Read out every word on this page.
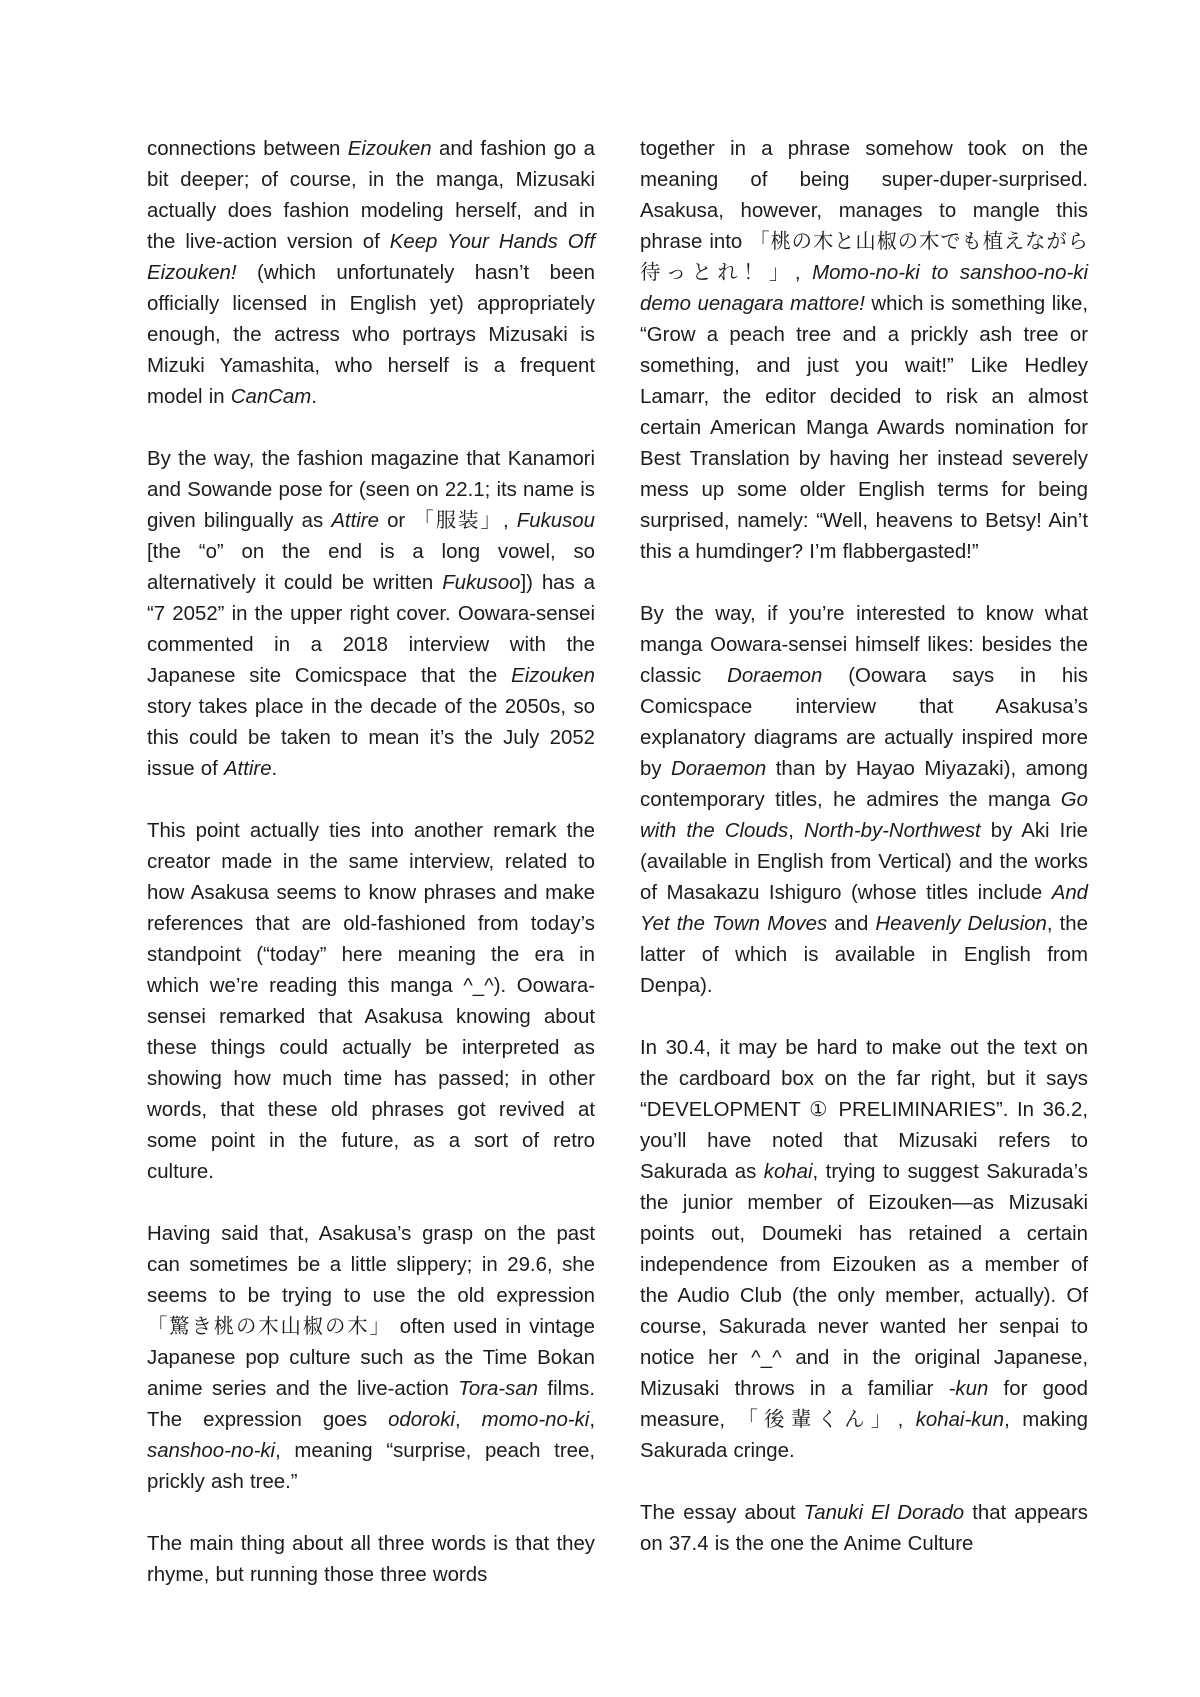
connections between Eizouken and fashion go a bit deeper; of course, in the manga, Mizusaki actually does fashion modeling herself, and in the live-action version of Keep Your Hands Off Eizouken! (which unfortunately hasn’t been officially licensed in English yet) appropriately enough, the actress who portrays Mizusaki is Mizuki Yamashita, who herself is a frequent model in CanCam.

By the way, the fashion magazine that Kanamori and Sowande pose for (seen on 22.1; its name is given bilingually as Attire or 「服装」, Fukusou [the “o” on the end is a long vowel, so alternatively it could be written Fukusoo]) has a “7 2052” in the upper right cover. Oowara-sensei commented in a 2018 interview with the Japanese site Comicspace that the Eizouken story takes place in the decade of the 2050s, so this could be taken to mean it’s the July 2052 issue of Attire.

This point actually ties into another remark the creator made in the same interview, related to how Asakusa seems to know phrases and make references that are old-fashioned from today’s standpoint (“today” here meaning the era in which we’re reading this manga ^_^). Oowara-sensei remarked that Asakusa knowing about these things could actually be interpreted as showing how much time has passed; in other words, that these old phrases got revived at some point in the future, as a sort of retro culture.

Having said that, Asakusa’s grasp on the past can sometimes be a little slippery; in 29.6, she seems to be trying to use the old expression 「驚き桃の木山椒の木」 often used in vintage Japanese pop culture such as the Time Bokan anime series and the live-action Tora-san films. The expression goes odoroki, momo-no-ki, sanshoo-no-ki, meaning “surprise, peach tree, prickly ash tree.”

The main thing about all three words is that they rhyme, but running those three words

together in a phrase somehow took on the meaning of being super-duper-surprised. Asakusa, however, manages to mangle this phrase into 「桃の木と山椒の木でも植えながら待っとれ！」, Momo-no-ki to sanshoo-no-ki demo uenagara mattore! which is something like, “Grow a peach tree and a prickly ash tree or something, and just you wait!” Like Hedley Lamarr, the editor decided to risk an almost certain American Manga Awards nomination for Best Translation by having her instead severely mess up some older English terms for being surprised, namely: “Well, heavens to Betsy! Ain’t this a humdinger? I’m flabbergasted!”

By the way, if you’re interested to know what manga Oowara-sensei himself likes: besides the classic Doraemon (Oowara says in his Comicspace interview that Asakusa’s explanatory diagrams are actually inspired more by Doraemon than by Hayao Miyazaki), among contemporary titles, he admires the manga Go with the Clouds, North-by-Northwest by Aki Irie (available in English from Vertical) and the works of Masakazu Ishiguro (whose titles include And Yet the Town Moves and Heavenly Delusion, the latter of which is available in English from Denpa).

In 30.4, it may be hard to make out the text on the cardboard box on the far right, but it says “DEVELOPMENT ① PRELIMINARIES”. In 36.2, you’ll have noted that Mizusaki refers to Sakurada as kohai, trying to suggest Sakurada’s the junior member of Eizouken—as Mizusaki points out, Doumeki has retained a certain independence from Eizouken as a member of the Audio Club (the only member, actually). Of course, Sakurada never wanted her senpai to notice her ^_^ and in the original Japanese, Mizusaki throws in a familiar -kun for good measure, 「後輩くん」, kohai-kun, making Sakurada cringe.

The essay about Tanuki El Dorado that appears on 37.4 is the one the Anime Culture
